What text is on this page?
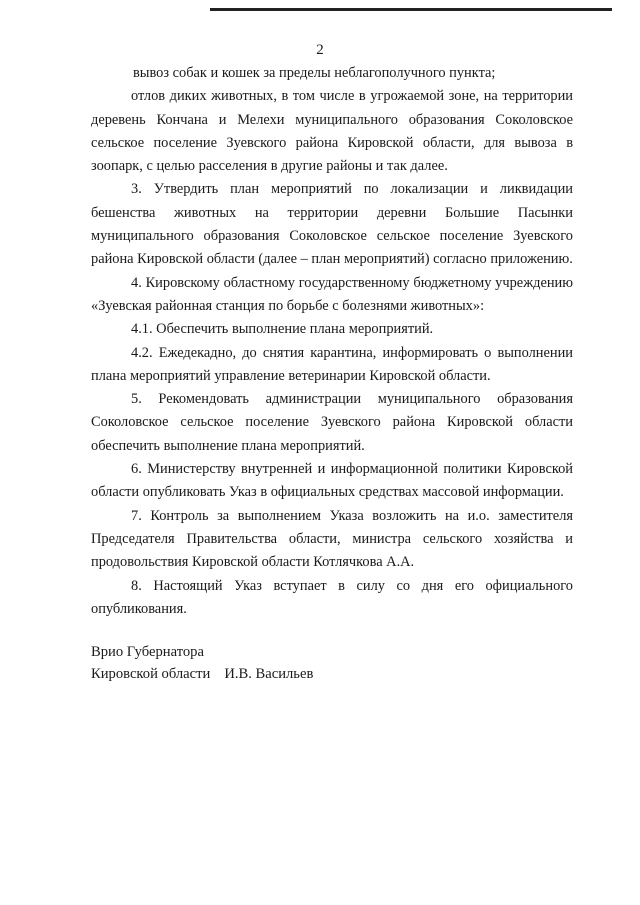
2

вывоз собак и кошек за пределы неблагополучного пункта;

отлов диких животных, в том числе в угрожаемой зоне, на территории деревень Кончана и Мелехи муниципального образования Соколовское сельское поселение Зуевского района Кировской области, для вывоза в зоопарк, с целью расселения в другие районы и так далее.

3. Утвердить план мероприятий по локализации и ликвидации бешенства животных на территории деревни Большие Пасынки муниципального образования Соколовское сельское поселение Зуевского района Кировской области (далее – план мероприятий) согласно приложению.

4. Кировскому областному государственному бюджетному учреждению «Зуевская районная станция по борьбе с болезнями животных»:

4.1. Обеспечить выполнение плана мероприятий.

4.2. Ежедекадно, до снятия карантина, информировать о выполнении плана мероприятий управление ветеринарии Кировской области.

5. Рекомендовать администрации муниципального образования Соколовское сельское поселение Зуевского района Кировской области обеспечить выполнение плана мероприятий.

6. Министерству внутренней и информационной политики Кировской области опубликовать Указ в официальных средствах массовой информации.

7. Контроль за выполнением Указа возложить на и.о. заместителя Председателя Правительства области, министра сельского хозяйства и продовольствия Кировской области Котлячкова А.А.

8. Настоящий Указ вступает в силу со дня его официального опубликования.

Врио Губернатора
Кировской области И.В. Васильев
